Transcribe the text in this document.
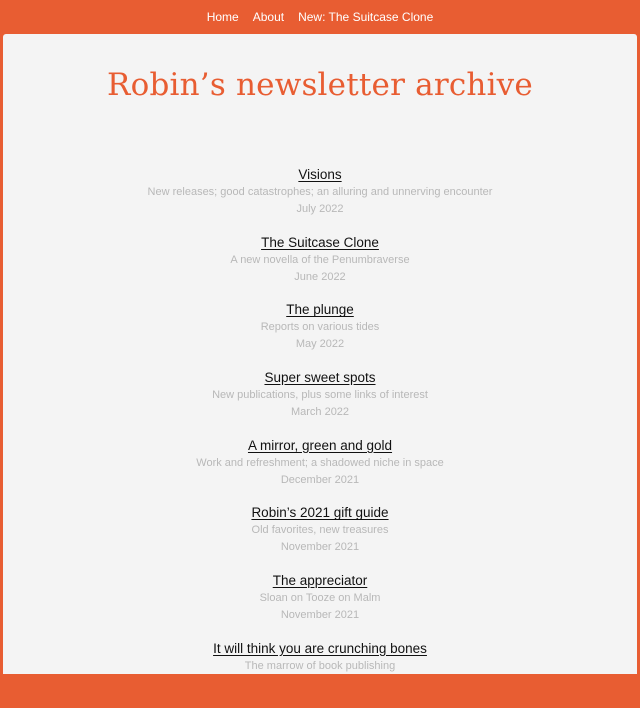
Home About New: The Suitcase Clone
Robin’s newsletter archive
Visions
New releases; good catastrophes; an alluring and unnerving encounter
July 2022
The Suitcase Clone
A new novella of the Penumbraverse
June 2022
The plunge
Reports on various tides
May 2022
Super sweet spots
New publications, plus some links of interest
March 2022
A mirror, green and gold
Work and refreshment; a shadowed niche in space
December 2021
Robin’s 2021 gift guide
Old favorites, new treasures
November 2021
The appreciator
Sloan on Tooze on Malm
November 2021
It will think you are crunching bones
The marrow of book publishing
